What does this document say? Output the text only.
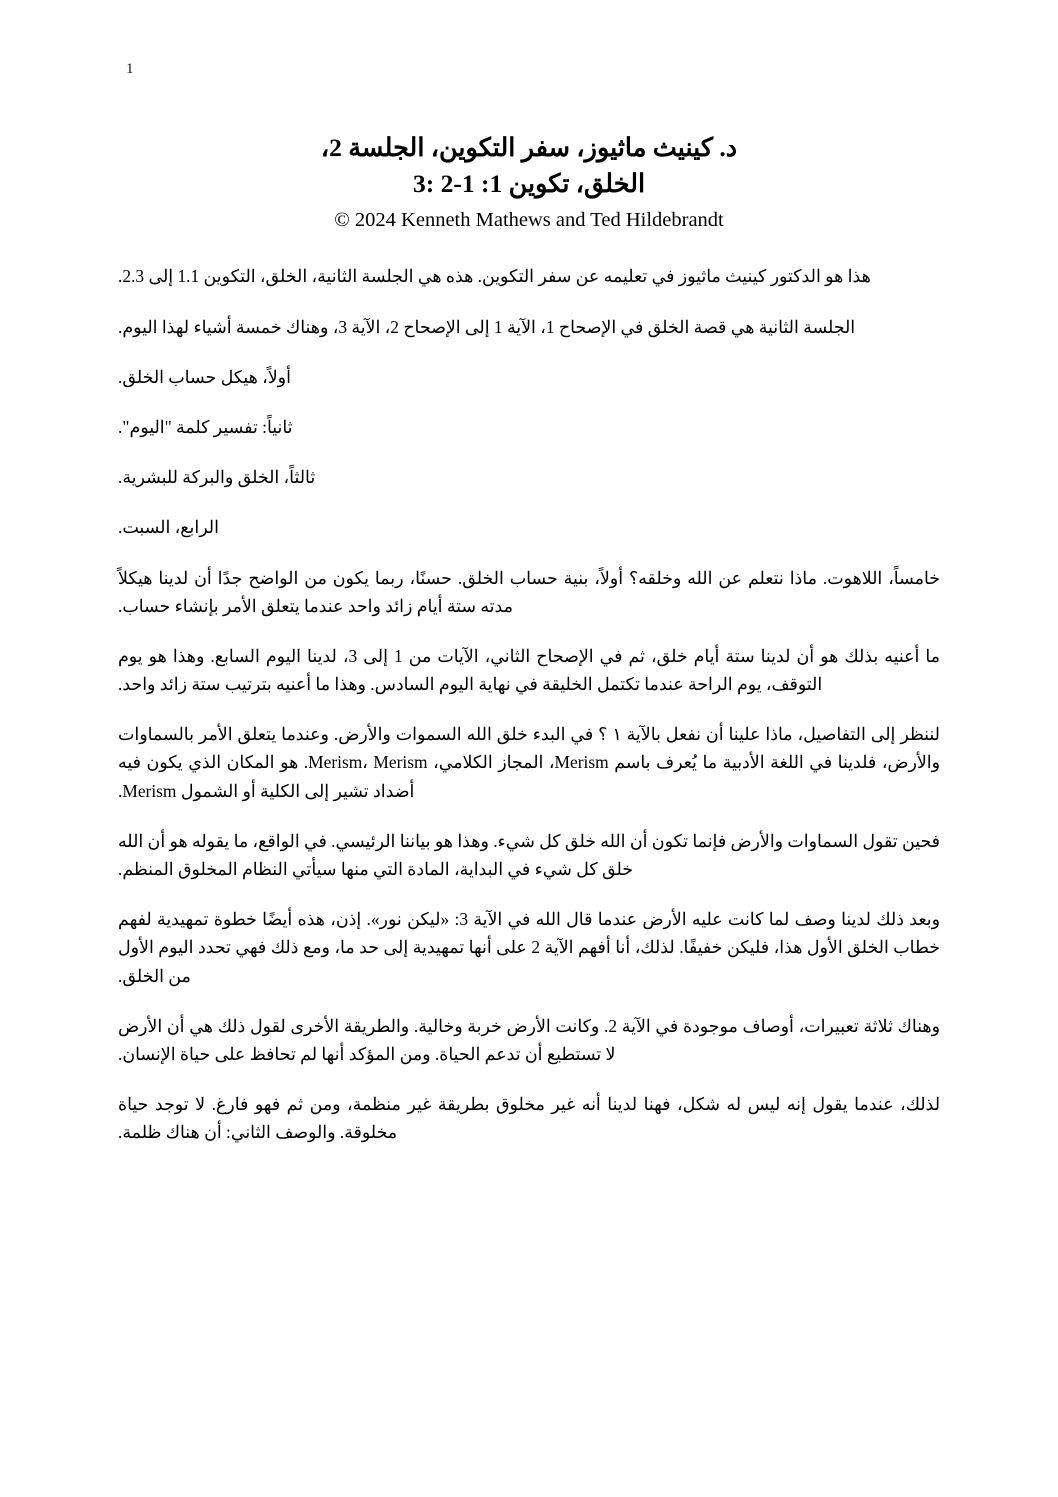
1
د. كينيث ماثيوز، سفر التكوين، الجلسة 2،
الخلق، تكوين 1: 1-2 :3
© 2024 Kenneth Mathews and Ted Hildebrandt

هذا هو الدكتور كينيث ماثيوز في تعليمه عن سفر التكوين. هذه هي الجلسة الثانية، الخلق، التكوين 1.1 إلى 2.3.

الجلسة الثانية هي قصة الخلق في الإصحاح 1، الآية 1 إلى الإصحاح 2، الآية 3، وهناك خمسة أشياء لهذا اليوم.

أولاً، هيكل حساب الخلق.

ثانياً: تفسير كلمة "اليوم".

ثالثاً، الخلق والبركة للبشرية.

الرابع، السبت.

خامساً، اللاهوت. ماذا نتعلم عن الله وخلقه؟ أولاً، بنية حساب الخلق. حسنًا، ربما يكون من الواضح جدًا أن لدينا هيكلاً مدته ستة أيام زائد واحد عندما يتعلق الأمر بإنشاء حساب.

ما أعنيه بذلك هو أن لدينا ستة أيام خلق، ثم في الإصحاح الثاني، الآيات من 1 إلى 3، لدينا اليوم السابع. وهذا هو يوم التوقف، يوم الراحة عندما تكتمل الخليقة في نهاية اليوم السادس. وهذا ما أعنيه بترتيب ستة زائد واحد.

لننظر إلى التفاصيل، ماذا علينا أن نفعل بالآية ١ ؟ في البدء خلق الله السموات والأرض. وعندما يتعلق الأمر بالسماوات والأرض، فلدينا في اللغة الأدبية ما يُعرف باسم Merism، المجاز الكلامي، Merism، Merism. هو المكان الذي يكون فيه أضداد تشير إلى الكلية أو الشمول Merism.

فحين تقول السماوات والأرض فإنما تكون أن الله خلق كل شيء. وهذا هو بياننا الرئيسي. في الواقع، ما يقوله هو أن الله خلق كل شيء في البداية، المادة التي منها سيأتي النظام المخلوق المنظم.

وبعد ذلك لدينا وصف لما كانت عليه الأرض عندما قال الله في الآية 3: «ليكن نور». إذن، هذه أيضًا خطوة تمهيدية لفهم خطاب الخلق الأول هذا، فليكن خفيفًا. لذلك، أنا أفهم الآية 2 على أنها تمهيدية إلى حد ما، ومع ذلك فهي تحدد اليوم الأول من الخلق.

وهناك ثلاثة تعبيرات، أوصاف موجودة في الآية 2. وكانت الأرض خربة وخالية. والطريقة الأخرى لقول ذلك هي أن الأرض لا تستطيع أن تدعم الحياة. ومن المؤكد أنها لم تحافظ على حياة الإنسان.

لذلك، عندما يقول إنه ليس له شكل، فهنا لدينا أنه غير مخلوق بطريقة غير منظمة، ومن ثم فهو فارغ. لا توجد حياة مخلوقة. والوصف الثاني: أن هناك ظلمة.
